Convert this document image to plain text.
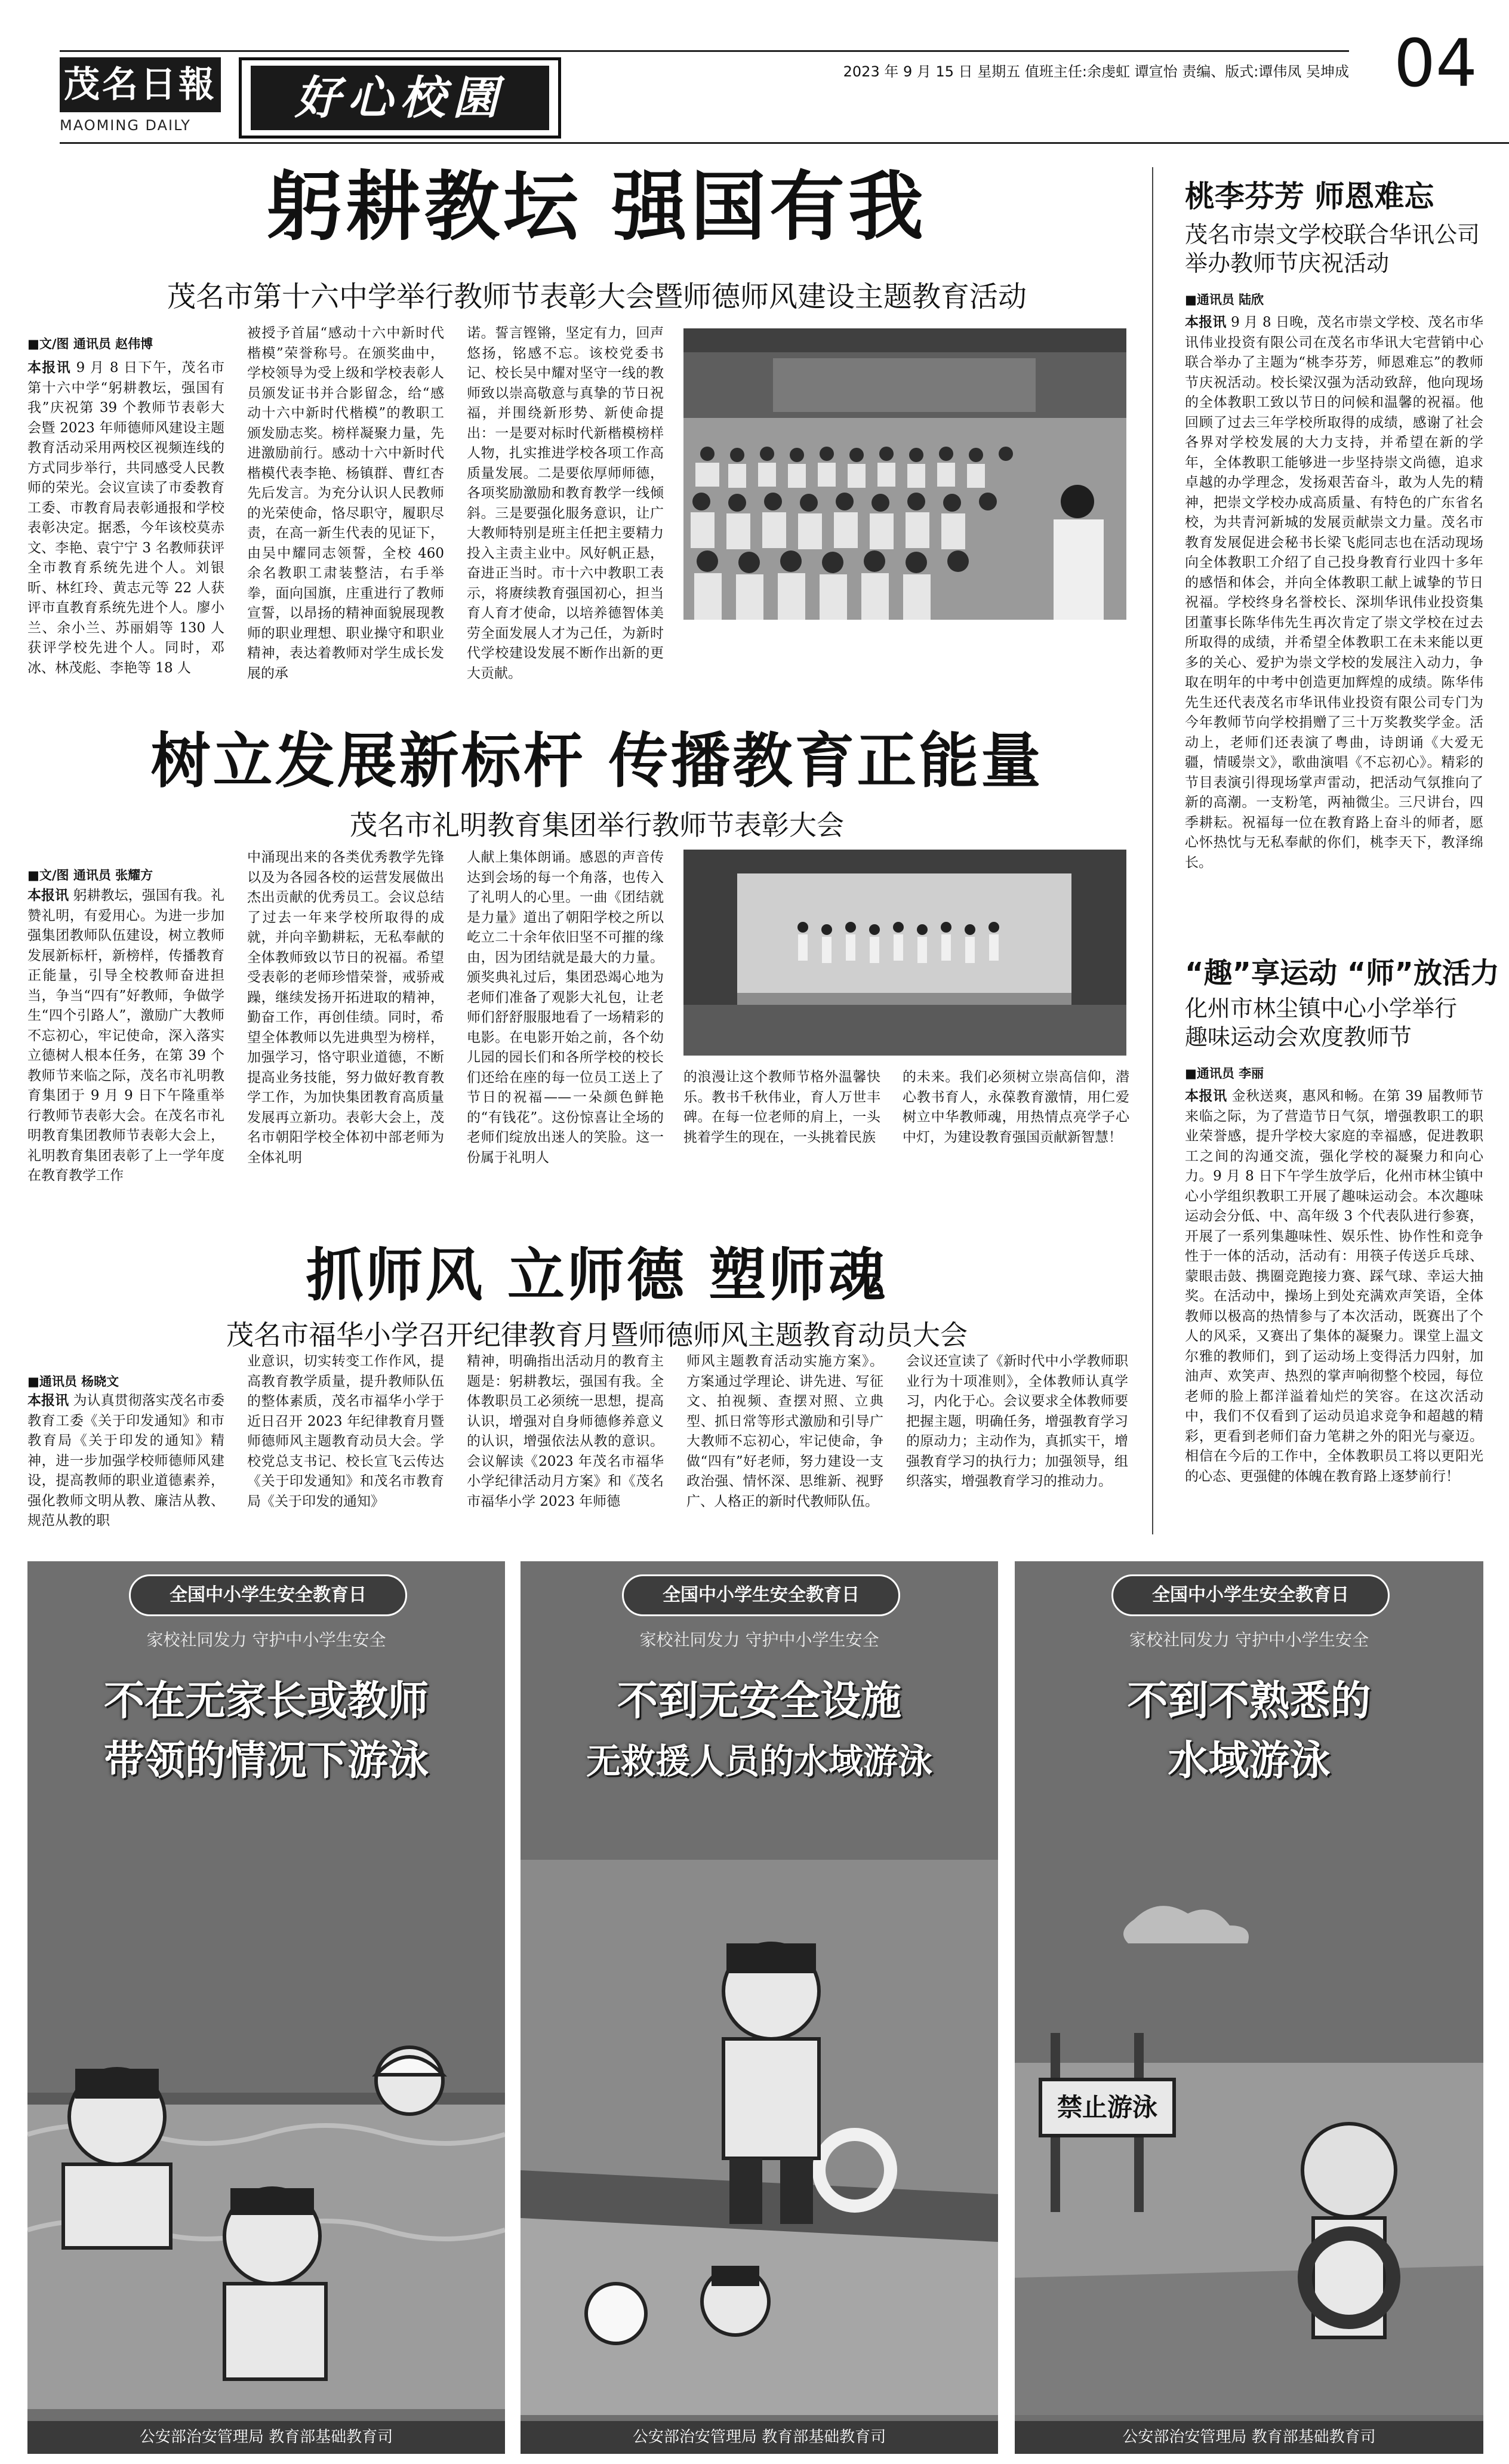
茂名日報
MAOMING DAILY
好心校園	2023 年 9 月 15 日 星期五 值班主任:余虔虹 谭宣怡 责编、版式:谭伟凤 吴坤成 04
躬耕教坛 强国有我
茂名市第十六中学举行教师节表彰大会暨师德师风建设主题教育活动
■文/图 通讯员 赵伟博
本报讯 9 月 8 日下午，茂名市第十六中学“躬耕教坛，强国有我”庆祝第 39 个教师节表彰大会暨 2023 年师德师风建设主题教育活动采用两校区视频连线的方式同步举行，共同感受人民教师的荣光。会议宣读了市委教育工委、市教育局表彰通报和学校表彰决定。据悉，今年该校莫赤文、李艳、袁宁宁 3 名教师获评全市教育系统先进个人。刘银昕、林红玲、黄志元等 22 人获评市直教育系统先进个人。廖小兰、余小兰、苏丽娟等 130 人获评学校先进个人。同时，邓冰、林茂彪、李艳等 18 人
被授予首届“感动十六中新时代楷模”荣誉称号。在颁奖曲中，学校领导为受上级和学校表彰人员颁发证书并合影留念，给“感动十六中新时代楷模”的教职工颁发励志奖。榜样凝聚力量，先进激励前行。感动十六中新时代楷模代表李艳、杨镇群、曹红杏先后发言。为充分认识人民教师的光荣使命，恪尽职守，履职尽责，在高一新生代表的见证下，由吴中耀同志领誓，全校 460 余名教职工肃装整洁，右手举拳，面向国旗，庄重进行了教师宣誓，以昂扬的精神面貌展现教师的职业理想、职业操守和职业精神，表达着教师对学生成长发展的承
诺。誓言铿锵，坚定有力，回声悠扬，铭感不忘。该校党委书记、校长吴中耀对坚守一线的教师致以崇高敬意与真挚的节日祝福，并围绕新形势、新使命提出：一是要对标时代新楷模榜样人物，扎实推进学校各项工作高质量发展。二是要依厚师师德，各项奖励激励和教育教学一线倾斜。三是要强化服务意识，让广大教师特别是班主任把主要精力投入主责主业中。风好帆正悬，奋进正当时。市十六中教职工表示，将赓续教育强国初心，担当育人育才使命，以培养德智体美劳全面发展人才为己任，为新时代学校建设发展不断作出新的更大贡献。
树立发展新标杆 传播教育正能量
茂名市礼明教育集团举行教师节表彰大会
■文/图 通讯员 张耀方
本报讯 躬耕教坛，强国有我。礼赞礼明，有爱用心。为进一步加强集团教师队伍建设，树立教师发展新标杆，新榜样，传播教育正能量，引导全校教师奋进担当，争当“四有”好教师，争做学生“四个引路人”，激励广大教师不忘初心，牢记使命，深入落实立德树人根本任务，在第 39 个教师节来临之际，茂名市礼明教育集团于 9 月 9 日下午隆重举行教师节表彰大会。在茂名市礼明教育集团教师节表彰大会上，礼明教育集团表彰了上一学年度在教育教学工作
中涌现出来的各类优秀教学先锋以及为各园各校的运营发展做出杰出贡献的优秀员工。会议总结了过去一年来学校所取得的成就，并向辛勤耕耘，无私奉献的全体教师致以节日的祝福。希望受表彰的老师珍惜荣誉，戒骄戒躁，继续发扬开拓进取的精神，勤奋工作，再创佳绩。同时，希望全体教师以先进典型为榜样，加强学习，恪守职业道德，不断提高业务技能，努力做好教育教学工作，为加快集团教育高质量发展再立新功。表彰大会上，茂名市朝阳学校全体初中部老师为全体礼明
人献上集体朗诵。感恩的声音传达到会场的每一个角落，也传入了礼明人的心里。一曲《团结就是力量》道出了朝阳学校之所以屹立二十余年依旧坚不可摧的缘由，因为团结就是最大的力量。颁奖典礼过后，集团恐竭心地为老师们准备了观影大礼包，让老师们舒舒服服地看了一场精彩的电影。在电影开始之前，各个幼儿园的园长们和各所学校的校长们还给在座的每一位员工送上了节日的祝福——一朵颜色鲜艳的“有钱花”。这份惊喜让全场的老师们绽放出迷人的笑脸。这一份属于礼明人
的浪漫让这个教师节格外温馨快乐。教书千秋伟业，育人万世丰碑。在每一位老师的肩上，一头挑着学生的现在，一头挑着民族
的未来。我们必须树立崇高信仰，潜心教书育人，永葆教育激情，用仁爱树立中华教师魂，用热情点亮学子心中灯，为建设教育强国贡献新智慧！
抓师风 立师德 塑师魂
茂名市福华小学召开纪律教育月暨师德师风主题教育动员大会
■通讯员 杨晓文
本报讯 为认真贯彻落实茂名市委教育工委《关于印发通知》和市教育局《关于印发的通知》精神，进一步加强学校师德师风建设，提高教师的职业道德素养，强化教师文明从教、廉洁从教、规范从教的职
业意识，切实转变工作作风，提高教育教学质量，提升教师队伍的整体素质，茂名市福华小学于近日召开 2023 年纪律教育月暨师德师风主题教育动员大会。学校党总支书记、校长宣飞云传达《关于印发通知》和茂名市教育局《关于印发的通知》
精神，明确指出活动月的教育主题是：躬耕教坛，强国有我。全体教职员工必须统一思想，提高认识，增强对自身师德修养意义的认识，增强依法从教的意识。会议解读《2023 年茂名市福华小学纪律活动月方案》和《茂名市福华小学 2023 年师德
师风主题教育活动实施方案》。方案通过学理论、讲先进、写征文、拍视频、查摆对照、立典型、抓日常等形式激励和引导广大教师不忘初心，牢记使命，争做“四有”好老师，努力建设一支政治强、情怀深、思维新、视野广、人格正的新时代教师队伍。
会议还宣读了《新时代中小学教师职业行为十项准则》，全体教师认真学习，内化于心。会议要求全体教师要把握主题，明确任务，增强教育学习的原动力；主动作为，真抓实干，增强教育学习的执行力；加强领导，组织落实，增强教育学习的推动力。
桃李芬芳 师恩难忘
茂名市崇文学校联合华讯公司
举办教师节庆祝活动
■通讯员 陆欣
本报讯 9 月 8 日晚，茂名市崇文学校、茂名市华讯伟业投资有限公司在茂名市华讯大宅营销中心联合举办了主题为“桃李芬芳，师恩难忘”的教师节庆祝活动。校长梁汉强为活动致辞，他向现场的全体教职工致以节日的问候和温馨的祝福。他回顾了过去三年学校所取得的成绩，感谢了社会各界对学校发展的大力支持，并希望在新的学年，全体教职工能够进一步坚持崇文尚德，追求卓越的办学理念，发扬艰苦奋斗，敢为人先的精神，把崇文学校办成高质量、有特色的广东省名校，为共青河新城的发展贡献崇文力量。茂名市教育发展促进会秘书长梁飞彪同志也在活动现场向全体教职工介绍了自己投身教育行业四十多年的感悟和体会，并向全体教职工献上诚挚的节日祝福。学校终身名誉校长、深圳华讯伟业投资集团董事长陈华伟先生再次肯定了崇文学校在过去所取得的成绩，并希望全体教职工在未来能以更多的关心、爱护为崇文学校的发展注入动力，争取在明年的中考中创造更加辉煌的成绩。陈华伟先生还代表茂名市华讯伟业投资有限公司专门为今年教师节向学校捐赠了三十万奖教奖学金。活动上，老师们还表演了粤曲，诗朗诵《大爱无疆，情暖崇文》，歌曲演唱《不忘初心》。精彩的节目表演引得现场掌声雷动，把活动气氛推向了新的高潮。一支粉笔，两袖微尘。三尺讲台，四季耕耘。祝福每一位在教育路上奋斗的师者，愿心怀热忱与无私奉献的你们，桃李天下，教泽绵长。
“趣”享运动 “师”放活力
化州市林尘镇中心小学举行
趣味运动会欢度教师节
■通讯员 李丽
本报讯 金秋送爽，惠风和畅。在第 39 届教师节来临之际，为了营造节日气氛，增强教职工的职业荣誉感，提升学校大家庭的幸福感，促进教职工之间的沟通交流，强化学校的凝聚力和向心力。9 月 8 日下午学生放学后，化州市林尘镇中心小学组织教职工开展了趣味运动会。本次趣味运动会分低、中、高年级 3 个代表队进行参赛，开展了一系列集趣味性、娱乐性、协作性和竞争性于一体的活动，活动有：用筷子传送乒乓球、蒙眼击鼓、携圈竞跑接力赛、踩气球、幸运大抽奖。在活动中，操场上到处充满欢声笑语，全体教师以极高的热情参与了本次活动，既赛出了个人的风采，又赛出了集体的凝聚力。课堂上温文尔雅的教师们，到了运动场上变得活力四射，加油声、欢笑声、热烈的掌声响彻整个校园，每位老师的脸上都洋溢着灿烂的笑容。在这次活动中，我们不仅看到了运动员追求竞争和超越的精彩，更看到老师们奋力笔耕之外的阳光与豪迈。相信在今后的工作中，全体教职员工将以更阳光的心态、更强健的体魄在教育路上逐梦前行！
全国中小学生安全教育日
家校社同发力 守护中小学生安全
不在无家长或教师
带领的情况下游泳
公安部治安管理局 教育部基础教育司
全国中小学生安全教育日
家校社同发力 守护中小学生安全
不到无安全设施
无救援人员的水域游泳
公安部治安管理局 教育部基础教育司
全国中小学生安全教育日
家校社同发力 守护中小学生安全
不到不熟悉的
水域游泳
禁止游泳
公安部治安管理局 教育部基础教育司
